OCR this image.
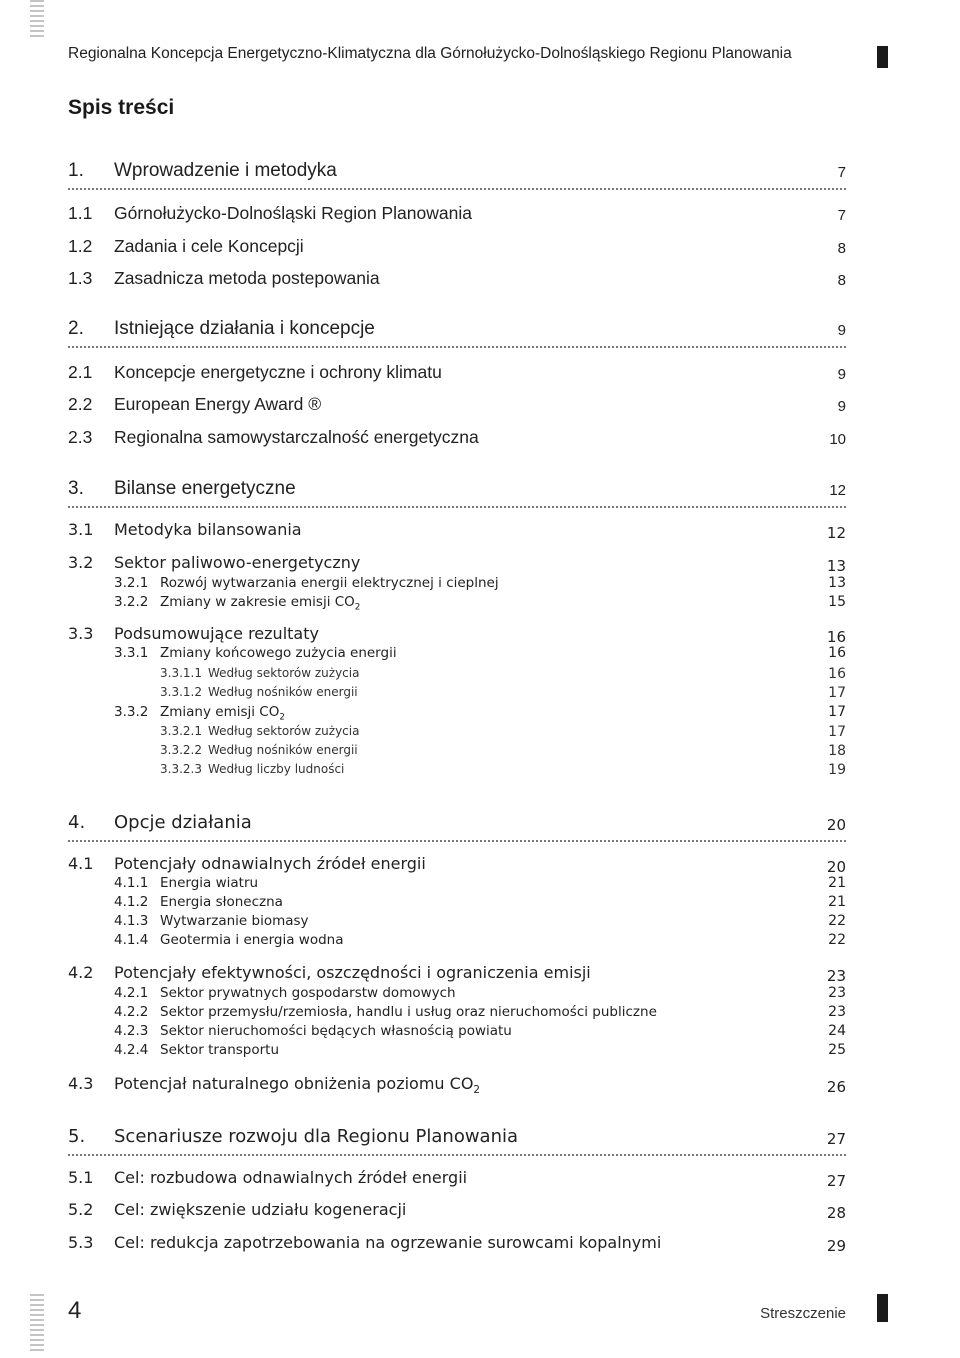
Regionalna Koncepcja Energetyczno-Klimatyczna dla Górnołużycko-Dolnośląskiego Regionu Planowania
Spis treści
1. Wprowadzenie i metodyka	7
1.1 Górnołużycko-Dolnośląski Region Planowania	7
1.2 Zadania i cele Koncepcji	8
1.3 Zasadnicza metoda postepowania	8
2. Istniejące działania i koncepcje	9
2.1 Koncepcje energetyczne i ochrony klimatu	9
2.2 European Energy Award ®	9
2.3 Regionalna samowystarczalność energetyczna	10
3. Bilanse energetyczne	12
3.1 Metodyka bilansowania	12
3.2 Sektor paliwowo-energetyczny	13
3.2.1 Rozwój wytwarzania energii elektrycznej i cieplnej	13
3.2.2 Zmiany w zakresie emisji $CO_2$	15
3.3 Podsumowujące rezultaty	16
3.3.1 Zmiany końcowego zużycia energii	16
3.3.1.1 Według sektorów zużycia	16
3.3.1.2 Według nośników energii	17
3.3.2 Zmiany emisji $CO_2$	17
3.3.2.1 Według sektorów zużycia	17
3.3.2.2 Według nośników energii	18
3.3.2.3 Według liczby ludności	19
4. Opcje działania	20
4.1 Potencjały odnawialnych źródeł energii	20
4.1.1 Energia wiatru	21
4.1.2 Energia słoneczna	21
4.1.3 Wytwarzanie biomasy	22
4.1.4 Geotermia i energia wodna	22
4.2 Potencjały efektywności, oszczędności i ograniczenia emisji	23
4.2.1 Sektor prywatnych gospodarstw domowych	23
4.2.2 Sektor przemysłu/rzemiosła, handlu i usług oraz nieruchomości publiczne	23
4.2.3 Sektor nieruchomości będących własnością powiatu	24
4.2.4 Sektor transportu	25
4.3 Potencjał naturalnego obniżenia poziomu $CO_2$	26
5. Scenariusze rozwoju dla Regionu Planowania	27
5.1 Cel: rozbudowa odnawialnych źródeł energii	27
5.2 Cel: zwiększenie udziału kogeneracji	28
5.3 Cel: redukcja zapotrzebowania na ogrzewanie surowcami kopalnymi	29
4	Streszczenie
